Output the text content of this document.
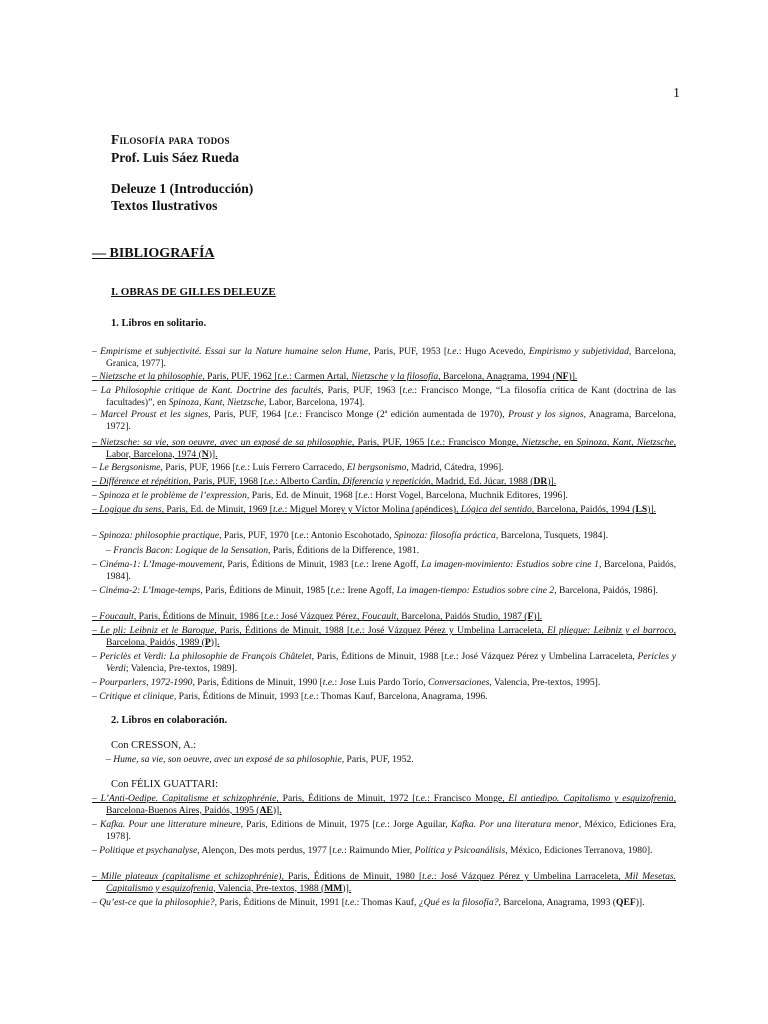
1
Filosofía para todos
Prof. Luis Sáez Rueda
Deleuze 1 (Introducción)
Textos Ilustrativos
— BIBLIOGRAFÍA
I. OBRAS DE GILLES DELEUZE
1. Libros en solitario.
– Empirisme et subjectivité. Essai sur la Nature humaine selon Hume, Paris, PUF, 1953 [t.e.: Hugo Acevedo, Empirismo y subjetividad, Barcelona, Granica, 1977].
– Nietzsche et la philosophie, Paris, PUF, 1962 [t.e.: Carmen Artal, Nietzsche y la filosofía, Barcelona, Anagrama, 1994 (NF)].
– La Philosophie critique de Kant. Doctrine des facultés, Paris, PUF, 1963 [t.e.: Francisco Monge, “La filosofía crítica de Kant (doctrina de las facultades)”, en Spinoza, Kant, Nietzsche, Labor, Barcelona, 1974].
– Marcel Proust et les signes, Paris, PUF, 1964 [t.e.: Francisco Monge (2ª edición aumentada de 1970), Proust y los signos, Anagrama, Barcelona, 1972].
– Nietzsche: sa vie, son oeuvre, avec un exposé de sa philosophie, Paris, PUF, 1965 [t.e.: Francisco Monge, Nietzsche, en Spinoza, Kant, Nietzsche, Labor, Barcelona, 1974 (N)].
– Le Bergsonisme, Paris, PUF, 1966 [t.e.: Luis Ferrero Carracedo, El bergsonismo, Madrid, Cátedra, 1996].
– Différence et répétition, Paris, PUF, 1968 [t.e.: Alberto Cardín, Diferencia y repetición, Madrid, Ed. Júcar, 1988 (DR)].
– Spinoza et le problème de l’expression, Paris, Ed. de Minuit, 1968 [t.e.: Horst Vogel, Barcelona, Muchnik Editores, 1996].
– Logique du sens, Paris, Ed. de Minuit, 1969 [t.e.: Miguel Morey y Víctor Molina (apéndices), Lógica del sentido, Barcelona, Paidós, 1994 (LS)].
– Spinoza: philosophie practique, Paris, PUF, 1970 [t.e.: Antonio Escohotado, Spinoza: filosofía práctica, Barcelona, Tusquets, 1984].
– Francis Bacon: Logique de la Sensation, Paris, Éditions de la Difference, 1981.
– Cinéma-1: L’Image-mouvement, Paris, Éditions de Minuit, 1983 [t.e.: Irene Agoff, La imagen-movimiento: Estudios sobre cine 1, Barcelona, Paidós, 1984].
– Cinéma-2: L’Image-temps, Paris, Éditions de Minuit, 1985 [t.e.: Irene Agoff, La imagen-tiempo: Estudios sobre cine 2, Barcelona, Paidós, 1986].
– Foucault, Paris, Éditions de Minuit, 1986 [t.e.: José Vázquez Pérez, Foucault, Barcelona, Paidós Studio, 1987 (F)].
– Le pli: Leibniz et le Baroque, Paris, Éditions de Minuit, 1988 [t.e.: José Vázquez Pérez y Umbelina Larraceleta, El pliegue: Leibniz y el barroco, Barcelona, Paidós, 1989 (P)].
– Periclès et Verdi: La philosophie de François Châtelet, Paris, Éditions de Minuit, 1988 [t.e.: José Vázquez Pérez y Umbelina Larraceleta, Pericles y Verdi; Valencia, Pre-textos, 1989].
– Pourparlers, 1972-1990, Paris, Éditions de Minuit, 1990 [t.e.: Jose Luis Pardo Torío, Conversaciones, Valencia, Pre-textos, 1995].
– Critique et clinique, Paris, Éditions de Minuit, 1993 [t.e.: Thomas Kauf, Barcelona, Anagrama, 1996.
2. Libros en colaboración.
Con CRESSON, A.:
– Hume, sa vie, son oeuvre, avec un exposé de sa philosophie, Paris, PUF, 1952.
Con FÉLIX GUATTARI:
– L’Anti-Oedipe. Capitalisme et schizophrénie, Paris, Éditions de Minuit, 1972 [t.e.: Francisco Monge, El antiedipo. Capitalismo y esquizofrenia, Barcelona-Buenos Aires, Paidós, 1995 (AE)].
– Kafka. Pour une litterature mineure, Paris, Editions de Minuit, 1975 [t.e.: Jorge Aguilar, Kafka. Por una literatura menor, México, Ediciones Era, 1978].
– Politique et psychanalyse, Alençon, Des mots perdus, 1977 [t.e.: Raimundo Mier, Política y Psicoanálisis, México, Ediciones Terranova, 1980].
– Mille plateaux (capitalisme et schizophrénie), Paris, Éditions de Minuit, 1980 [t.e.: José Vázquez Pérez y Umbelina Larraceleta, Mil Mesetas. Capitalismo y esquizofrenia, Valencia, Pre-textos, 1988 (MM)].
– Qu’est-ce que la philosophie?, Paris, Éditions de Minuit, 1991 [t.e.: Thomas Kauf, ¿Qué es la filosofía?, Barcelona, Anagrama, 1993 (QEF)].
